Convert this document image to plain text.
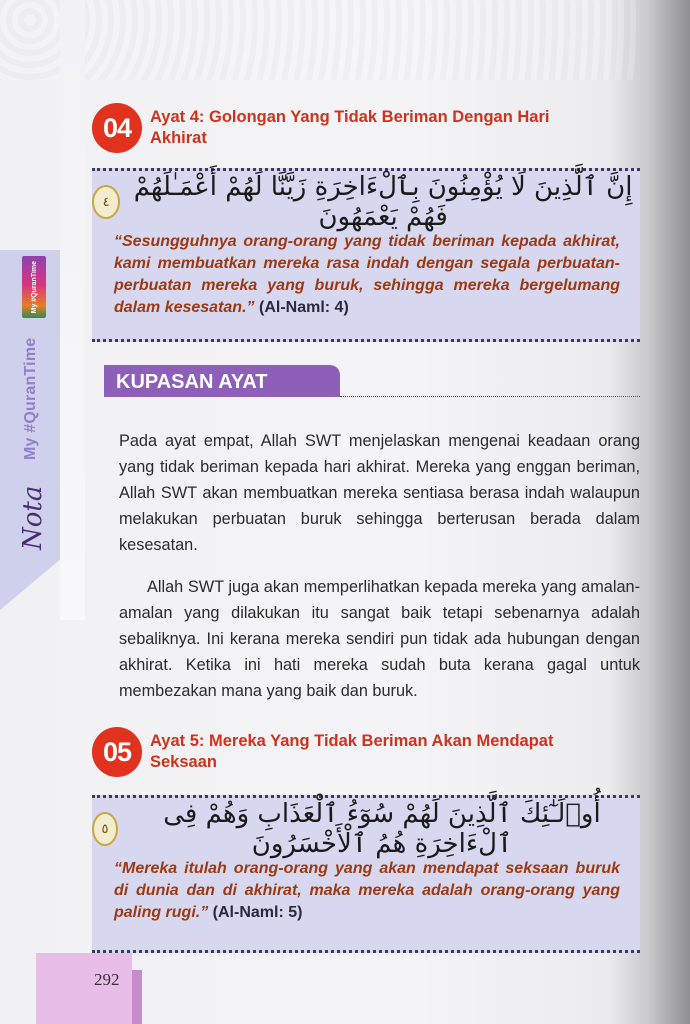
My #QuranTime
My #QuranTime
Nota
04	Ayat 4: Golongan Yang Tidak Beriman Dengan Hari Akhirat
إِنَّ ٱلَّذِينَ لَا يُؤْمِنُونَ بِٱلْءَاخِرَةِ زَيَّنَّا لَهُمْ أَعْمَـٰلَهُمْ فَهُمْ يَعْمَهُونَ
٤
“Sesungguhnya orang-orang yang tidak beriman kepada akhirat, kami membuatkan mereka rasa indah dengan segala perbuatan-perbuatan mereka yang buruk, sehingga mereka bergelumang dalam kesesatan.” (Al-Naml: 4)
KUPASAN AYAT

Pada ayat empat, Allah SWT menjelaskan mengenai keadaan orang yang tidak beriman kepada hari akhirat. Mereka yang enggan beriman, Allah SWT akan membuatkan mereka sentiasa berasa indah walaupun melakukan perbuatan buruk sehingga berterusan berada dalam kesesatan.

Allah SWT juga akan memperlihatkan kepada mereka yang amalan-amalan yang dilakukan itu sangat baik tetapi sebenarnya adalah sebaliknya. Ini kerana mereka sendiri pun tidak ada hubungan dengan akhirat. Ketika ini hati mereka sudah buta kerana gagal untuk membezakan mana yang baik dan buruk.

05	Ayat 5: Mereka Yang Tidak Beriman Akan Mendapat Seksaan
أُو۟لَـٰٓئِكَ ٱلَّذِينَ لَهُمْ سُوٓءُ ٱلْعَذَابِ وَهُمْ فِى ٱلْءَاخِرَةِ هُمُ ٱلْأَخْسَرُونَ
٥
“Mereka itulah orang-orang yang akan mendapat seksaan buruk di dunia dan di akhirat, maka mereka adalah orang-orang yang paling rugi.” (Al-Naml: 5)
292
